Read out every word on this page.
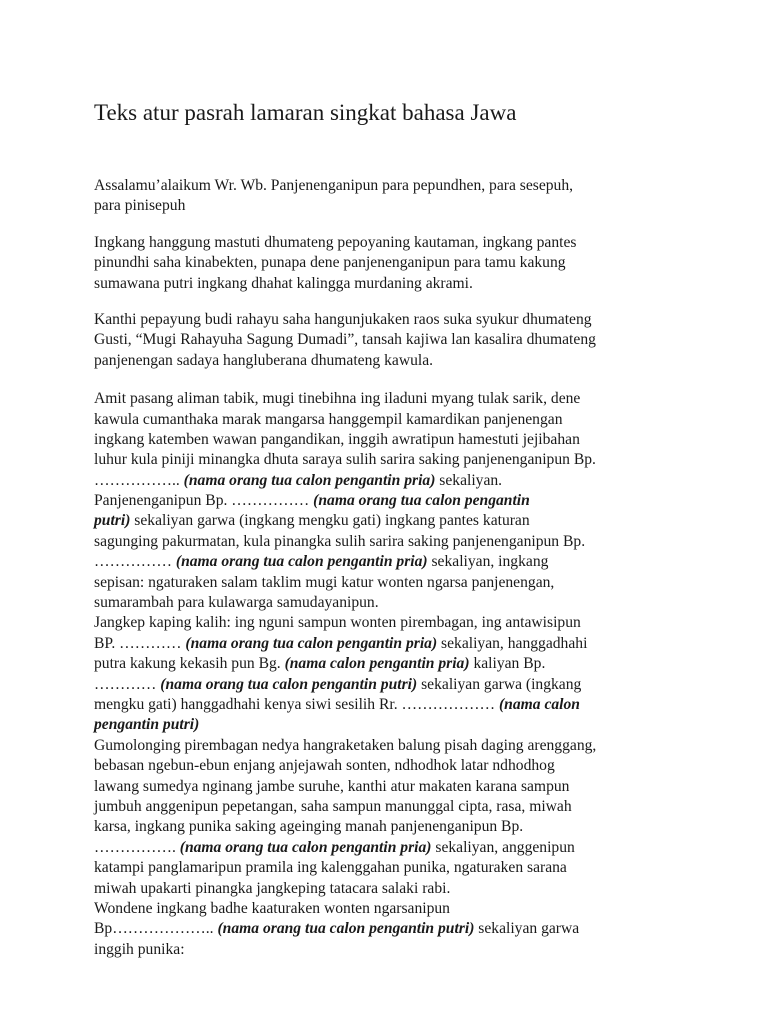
Teks atur pasrah lamaran singkat bahasa Jawa
Assalamu’alaikum Wr. Wb. Panjenenganipun para pepundhen, para sesepuh,
para pinisepuh
Ingkang hanggung mastuti dhumateng pepoyaning kautaman, ingkang pantes
pinundhi saha kinabekten, punapa dene panjenenganipun para tamu kakung
sumawana putri ingkang dhahat kalingga murdaning akrami.
Kanthi pepayung budi rahayu saha hangunjukaken raos suka syukur dhumateng
Gusti, “Mugi Rahayuha Sagung Dumadi”, tansah kajiwa lan kasalira dhumateng
panjenengan sadaya hangluberana dhumateng kawula.
Amit pasang aliman tabik, mugi tinebihna ing iladuni myang tulak sarik, dene
kawula cumanthaka marak mangarsa hanggempil kamardikan panjenengan
ingkang katemben wawan pangandikan, inggih awratipun hamestuti jejibahan
luhur kula piniji minangka dhuta saraya sulih sarira saking panjenenganipun Bp.
…………….. (nama orang tua calon pengantin pria) sekaliyan.
Panjenenganipun Bp. …………… (nama orang tua calon pengantin
putri) sekaliyan garwa (ingkang mengku gati) ingkang pantes katuran
sagunging pakurmatan, kula pinangka sulih sarira saking panjenenganipun Bp.
…………… (nama orang tua calon pengantin pria) sekaliyan, ingkang
sepisan: ngaturaken salam taklim mugi katur wonten ngarsa panjenengan,
sumarambah para kulawarga samudayanipun.
Jangkep kaping kalih: ing nguni sampun wonten pirembagan, ing antawisipun
BP. ………… (nama orang tua calon pengantin pria) sekaliyan, hanggadhahi
putra kakung kekasih pun Bg. (nama calon pengantin pria) kaliyan Bp.
………… (nama orang tua calon pengantin putri) sekaliyan garwa (ingkang
mengku gati) hanggadhahi kenya siwi sesilih Rr. ……………… (nama calon
pengantin putri)
Gumolonging pirembagan nedya hangraketaken balung pisah daging arenggang,
bebasan ngebun-ebun enjang anjejawah sonten, ndhodhok latar ndhodhog
lawang sumedya nginang jambe suruhe, kanthi atur makaten karana sampun
jumbuh anggenipun pepetangan, saha sampun manunggal cipta, rasa, miwah
karsa, ingkang punika saking ageinging manah panjenenganipun Bp.
……………. (nama orang tua calon pengantin pria) sekaliyan, anggenipun
katampi panglamaripun pramila ing kalenggahan punika, ngaturaken sarana
miwah upakarti pinangka jangkeping tatacara salaki rabi.
Wondene ingkang badhe kaaturaken wonten ngarsanipun
Bp……………….. (nama orang tua calon pengantin putri) sekaliyan garwa
inggih punika:
